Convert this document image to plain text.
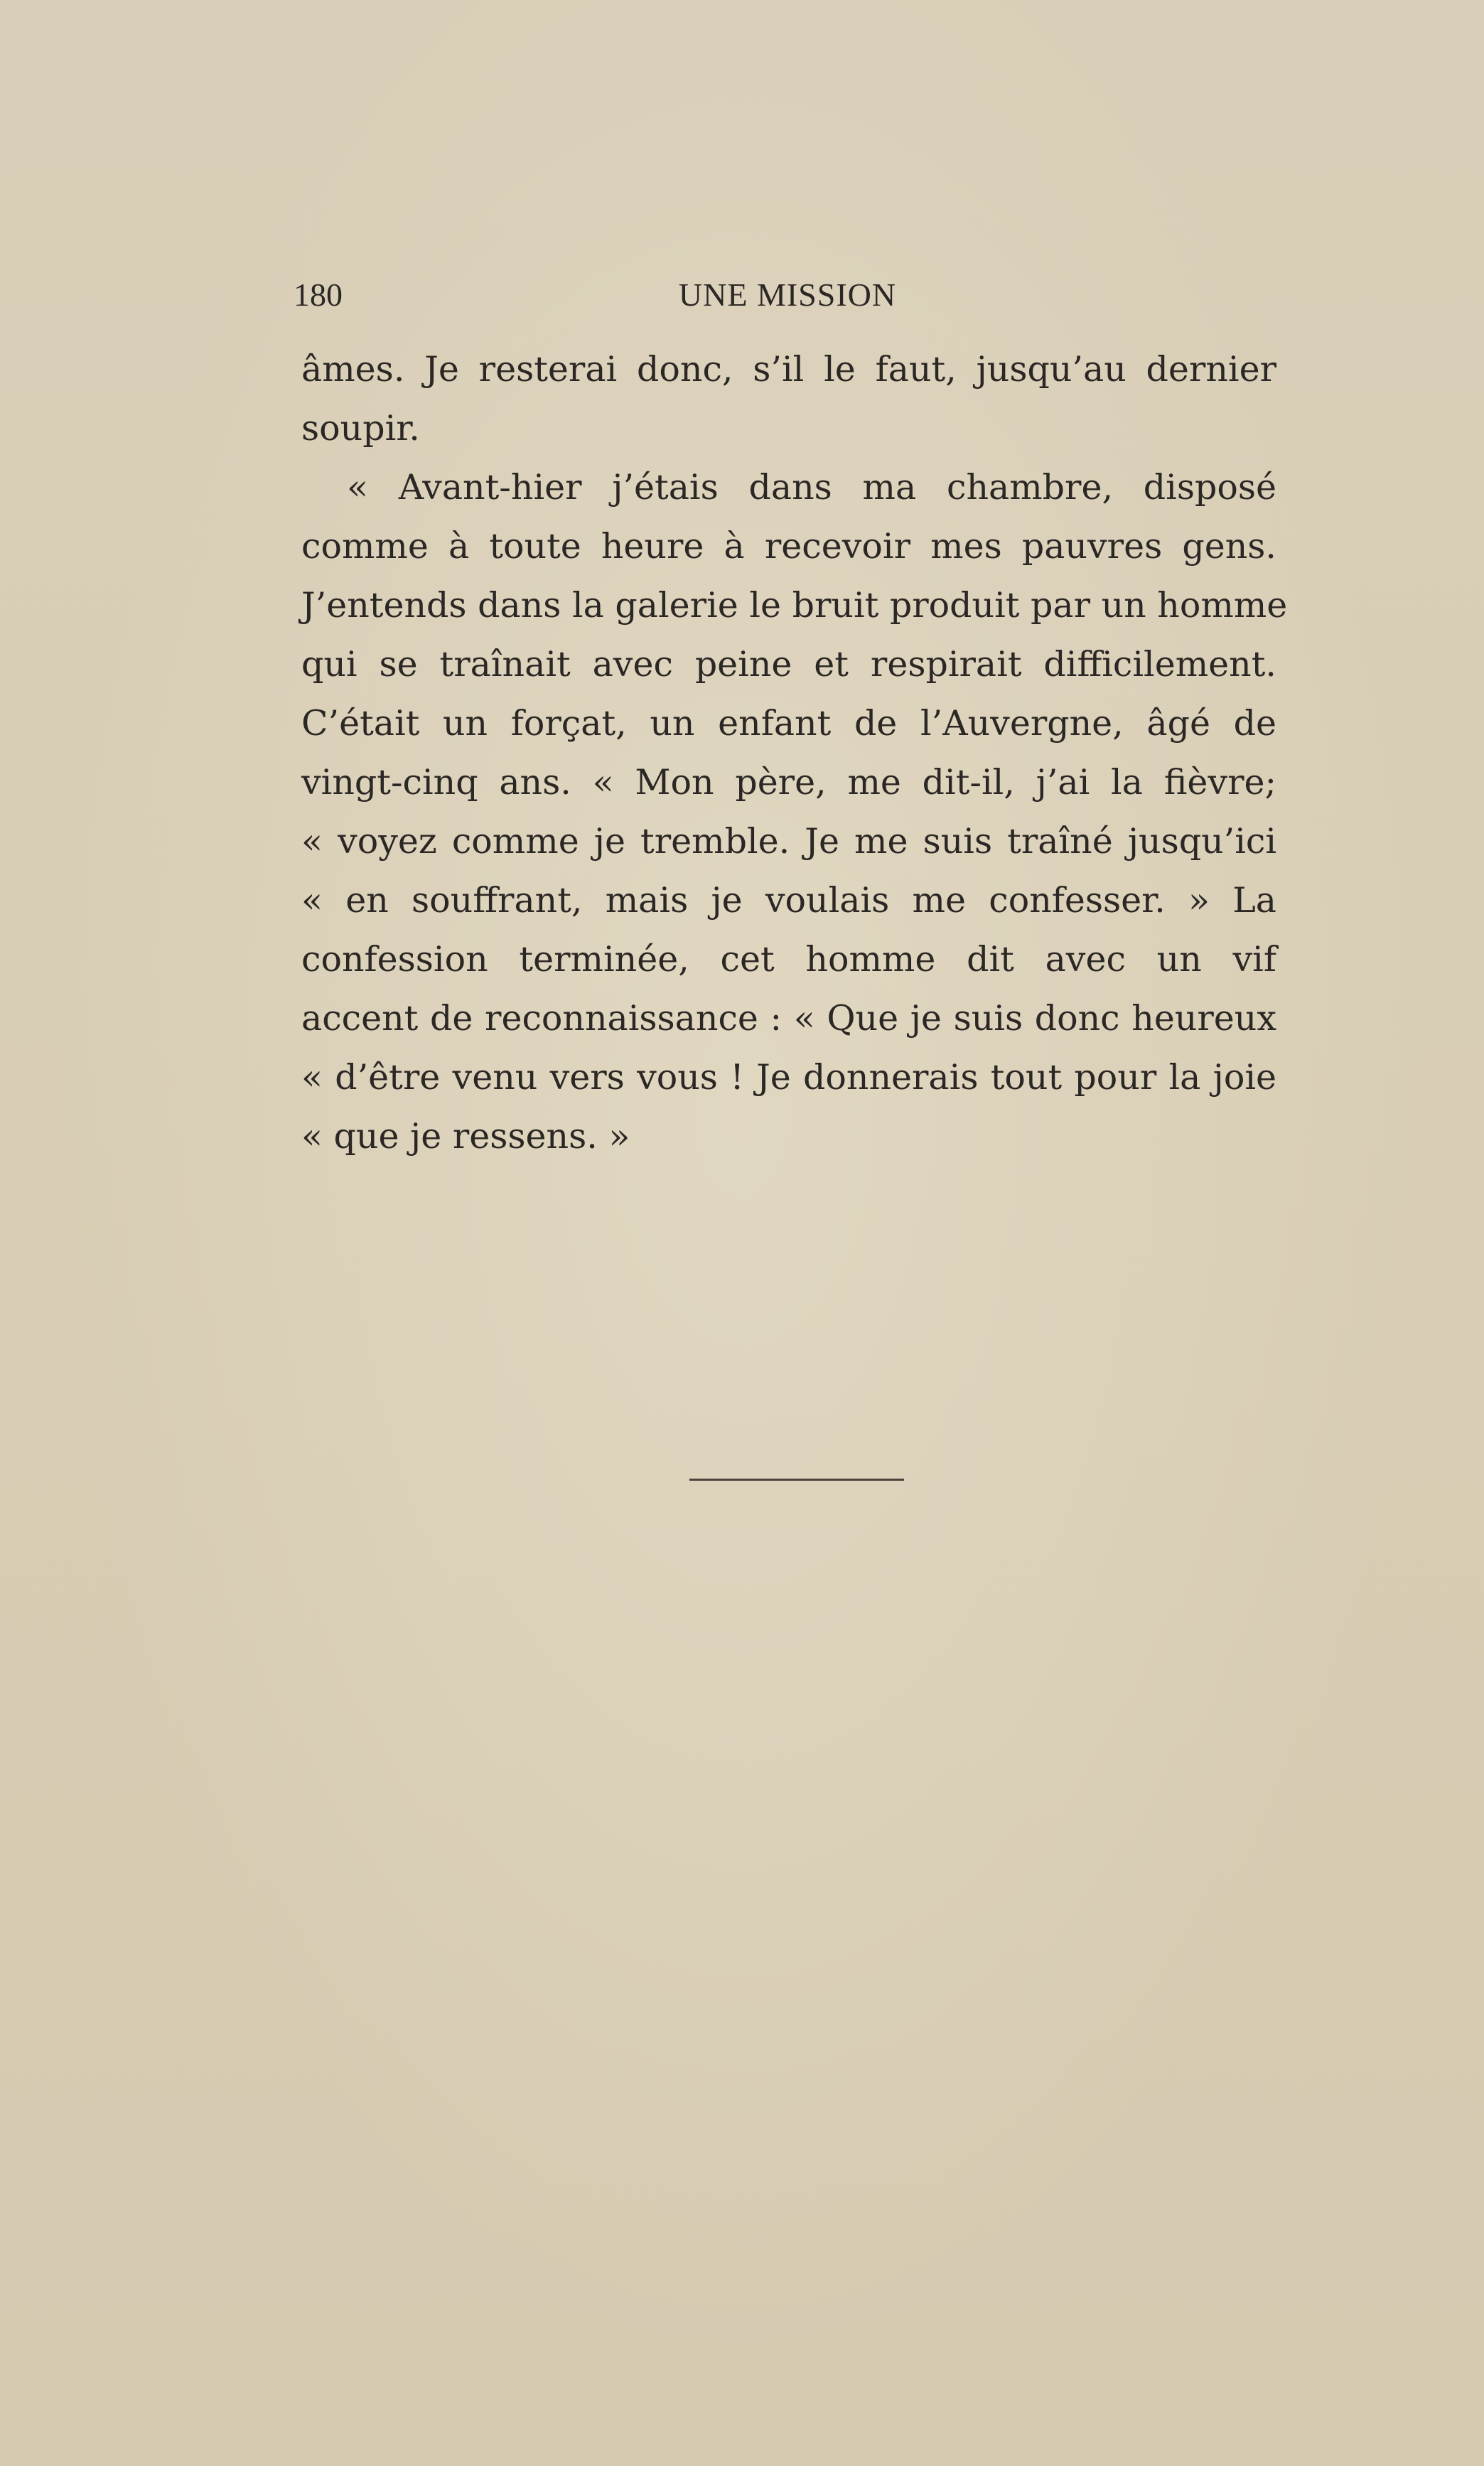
180	UNE MISSION
âmes. Je resterai donc, s’il le faut, jusqu’au dernier
soupir.
« Avant-hier j’étais dans ma chambre, disposé
comme à toute heure à recevoir mes pauvres gens.
J’entends dans la galerie le bruit produit par un homme
qui se traînait avec peine et respirait difficilement.
C’était un forçat, un enfant de l’Auvergne, âgé de
vingt-cinq ans. « Mon père, me dit-il, j’ai la fièvre;
« voyez comme je tremble. Je me suis traîné jusqu’ici
« en souffrant, mais je voulais me confesser. » La
confession terminée, cet homme dit avec un vif
accent de reconnaissance : « Que je suis donc heureux
« d’être venu vers vous ! Je donnerais tout pour la joie
« que je ressens. »
